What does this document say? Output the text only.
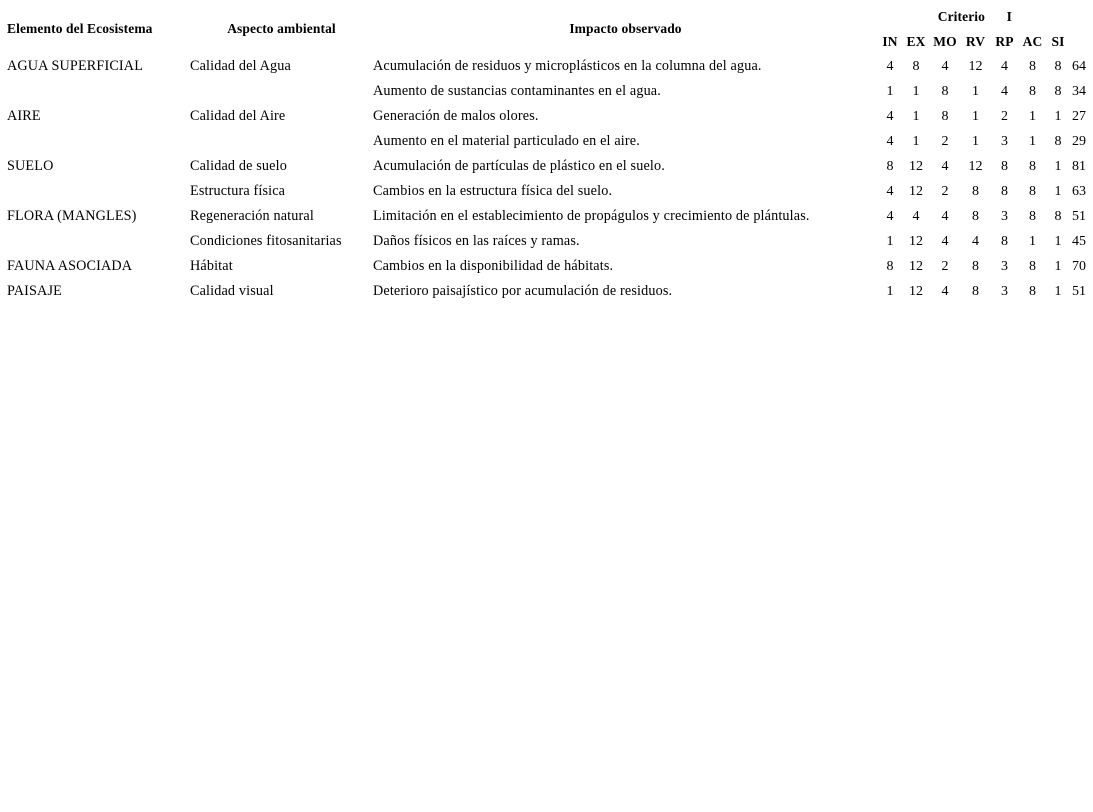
Elemento del Ecosistema	Aspecto ambiental	Impacto observado	Criterio I							
			IN	EX	MO	RV	RP	AC	SI	
AGUA SUPERFICIAL	Calidad del Agua	Acumulación de residuos y microplásticos en la columna del agua.	4	8	4	12	4	8	8	64
		Aumento de sustancias contaminantes en el agua.	1	1	8	1	4	8	8	34
AIRE	Calidad del Aire	Generación de malos olores.	4	1	8	1	2	1	1	27
		Aumento en el material particulado en el aire.	4	1	2	1	3	1	8	29
SUELO	Calidad de suelo	Acumulación de partículas de plástico en el suelo.	8	12	4	12	8	8	1	81
	Estructura física	Cambios en la estructura física del suelo.	4	12	2	8	8	8	1	63
FLORA (MANGLES)	Regeneración natural	Limitación en el establecimiento de propágulos y crecimiento de plántulas.	4	4	4	8	3	8	8	51
	Condiciones fitosanitarias	Daños físicos en las raíces y ramas.	1	12	4	4	8	1	1	45
FAUNA ASOCIADA	Hábitat	Cambios en la disponibilidad de hábitats.	8	12	2	8	3	8	1	70
PAISAJE	Calidad visual	Deterioro paisajístico por acumulación de residuos.	1	12	4	8	3	8	1	51
